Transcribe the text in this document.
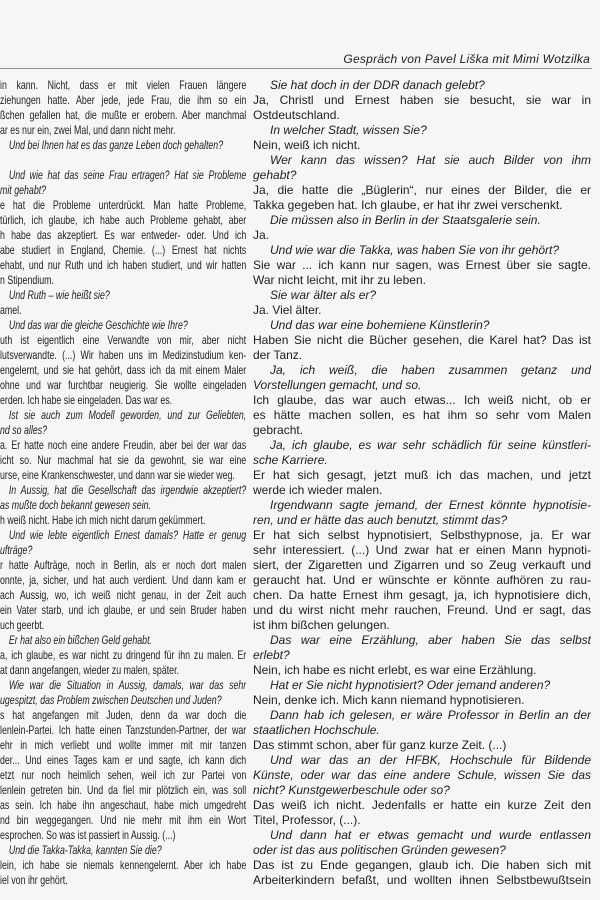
Gespräch von Pavel Liška mit Mimi Wotzilka
in kann. Nicht, dass er mit vielen Frauen längere
ziehungen hatte. Aber jede, jede Frau, die ihm so ein
ßchen gefallen hat, die mußte er erobern. Aber manchmal
ar es nur ein, zwei Mal, und dann nicht mehr.
Und bei Ihnen hat es das ganze Leben doch gehalten?
Und wie hat das seine Frau ertragen? Hat sie Probleme
mit gehabt?
e hat die Probleme unterdrückt. Man hatte Probleme,
türlich, ich glaube, ich habe auch Probleme gehabt, aber
h habe das akzeptiert. Es war entweder- oder. Und ich
abe studiert in England, Chemie. (...) Ernest hat nichts
ehabt, und nur Ruth und ich haben studiert, und wir hatten
n Stipendium.
Und Ruth – wie heißt sie?
amel.
Und das war die gleiche Geschichte wie Ihre?
uth ist eigentlich eine Verwandte von mir, aber nicht
lutsverwandte. (...) Wir haben uns im Medizinstudium ken-
engelernt, und sie hat gehört, dass ich da mit einem Maler
ohne und war furchtbar neugierig. Sie wollte eingeladen
erden. Ich habe sie eingeladen. Das war es.
Ist sie auch zum Modell geworden, und zur Geliebten,
nd so alles?
a. Er hatte noch eine andere Freudin, aber bei der war das
icht so. Nur machmal hat sie da gewohnt, sie war eine
urse, eine Krankenschwester, und dann war sie wieder weg.
In Aussig, hat die Gesellschaft das irgendwie akzeptiert?
as mußte doch bekannt gewesen sein.
h weiß nicht. Habe ich mich nicht darum gekümmert.
Und wie lebte eigentlich Ernest damals? Hatte er genug
ufträge?
r hatte Aufträge, noch in Berlin, als er noch dort malen
onnte, ja, sicher, und hat auch verdient. Und dann kam er
ach Aussig, wo, ich weiß nicht genau, in der Zeit auch
ein Vater starb, und ich glaube, er und sein Bruder haben
uch geerbt.
Er hat also ein bißchen Geld gehabt.
a, ich glaube, es war nicht zu dringend für ihn zu malen. Er
at dann angefangen, wieder zu malen, später.
Wie war die Situation in Aussig, damals, war das sehr
ugespitzt, das Problem zwischen Deutschen und Juden?
s hat angefangen mit Juden, denn da war doch die
lenlein-Partei. Ich hatte einen Tanzstunden-Partner, der war
ehr in mich verliebt und wollte immer mit mir tanzen
der... Und eines Tages kam er und sagte, ich kann dich
etzt nur noch heimlich sehen, weil ich zur Partei von
lenlein getreten bin. Und da fiel mir plötzlich ein, was soll
as sein. Ich habe ihn angeschaut, habe mich umgedreht
nd bin weggegangen. Und nie mehr mit ihm ein Wort
esprochen. So was ist passiert in Aussig. (...)
Und die Takka-Takka, kannten Sie die?
lein, ich habe sie niemals kennengelernt. Aber ich habe
iel von ihr gehört.
Sie hat doch in der DDR danach gelebt?
Ja, Christl und Ernest haben sie besucht, sie war in
Ostdeutschland.
In welcher Stadt, wissen Sie?
Nein, weiß ich nicht.
Wer kann das wissen? Hat sie auch Bilder von ihm
gehabt?
Ja, die hatte die „Büglerin“, nur eines der Bilder, die er
Takka gegeben hat. Ich glaube, er hat ihr zwei verschenkt.
Die müssen also in Berlin in der Staatsgalerie sein.
Ja.
Und wie war die Takka, was haben Sie von ihr gehört?
Sie war ... ich kann nur sagen, was Ernest über sie sagte.
War nicht leicht, mit ihr zu leben.
Sie war älter als er?
Ja. Viel älter.
Und das war eine bohemiene Künstlerin?
Haben Sie nicht die Bücher gesehen, die Karel hat? Das ist
der Tanz.
Ja, ich weiß, die haben zusammen getanz und
Vorstellungen gemacht, und so.
Ich glaube, das war auch etwas... Ich weiß nicht, ob er
es hätte machen sollen, es hat ihm so sehr vom Malen
gebracht.
Ja, ich glaube, es war sehr schädlich für seine künstleri-
sche Karriere.
Er hat sich gesagt, jetzt muß ich das machen, und jetzt
werde ich wieder malen.
Irgendwann sagte jemand, der Ernest könnte hypnotisie-
ren, und er hätte das auch benutzt, stimmt das?
Er hat sich selbst hypnotisiert, Selbsthypnose, ja. Er war
sehr interessiert. (...) Und zwar hat er einen Mann hypnoti-
siert, der Zigaretten und Zigarren und so Zeug verkauft und
geraucht hat. Und er wünschte er könnte aufhören zu rau-
chen. Da hatte Ernest ihm gesagt, ja, ich hypnotisiere dich,
und du wirst nicht mehr rauchen, Freund. Und er sagt, das
ist ihm bißchen gelungen.
Das war eine Erzählung, aber haben Sie das selbst
erlebt?
Nein, ich habe es nicht erlebt, es war eine Erzählung.
Hat er Sie nicht hypnotisiert? Oder jemand anderen?
Nein, denke ich. Mich kann niemand hypnotisieren.
Dann hab ich gelesen, er wäre Professor in Berlin an der
staatlichen Hochschule.
Das stimmt schon, aber für ganz kurze Zeit. (...)
Und war das an der HFBK, Hochschule für Bildende
Künste, oder war das eine andere Schule, wissen Sie das
nicht? Kunstgewerbeschule oder so?
Das weiß ich nicht. Jedenfalls er hatte ein kurze Zeit den
Titel, Professor, (...).
Und dann hat er etwas gemacht und wurde entlassen
oder ist das aus politischen Gründen gewesen?
Das ist zu Ende gegangen, glaub ich. Die haben sich mit
Arbeiterkindern befaßt, und wollten ihnen Selbstbewußtsein
